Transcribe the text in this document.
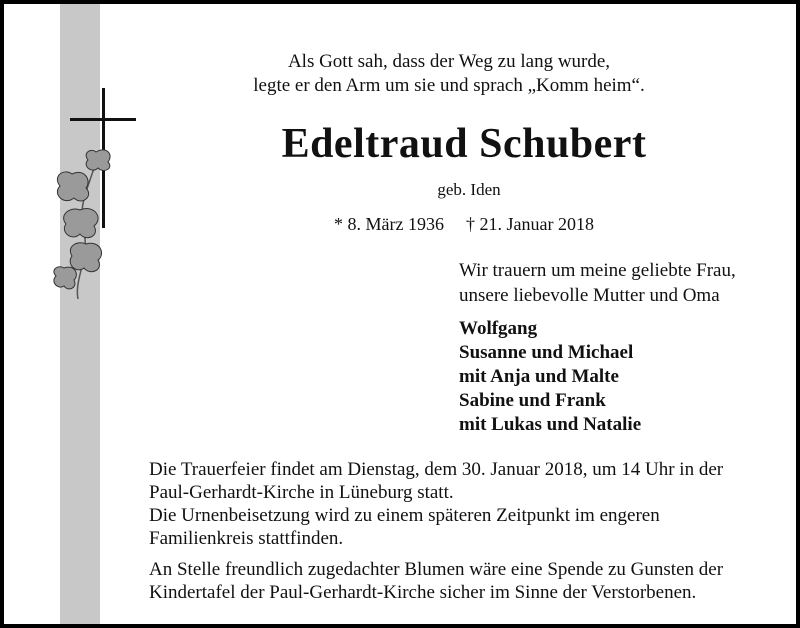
Als Gott sah, dass der Weg zu lang wurde,
legte er den Arm um sie und sprach „Komm heim“.
Edeltraud Schubert
geb. Iden
* 8. März 1936 † 21. Januar 2018
Wir trauern um meine geliebte Frau,
unsere liebevolle Mutter und Oma
Wolfgang
Susanne und Michael
mit Anja und Malte
Sabine und Frank
mit Lukas und Natalie

Die Trauerfeier findet am Dienstag, dem 30. Januar 2018, um 14 Uhr in der

Paul-Gerhardt-Kirche in Lüneburg statt.

Die Urnenbeisetzung wird zu einem späteren Zeitpunkt im engeren

Familienkreis stattfinden.

An Stelle freundlich zugedachter Blumen wäre eine Spende zu Gunsten der

Kindertafel der Paul-Gerhardt-Kirche sicher im Sinne der Verstorbenen.
